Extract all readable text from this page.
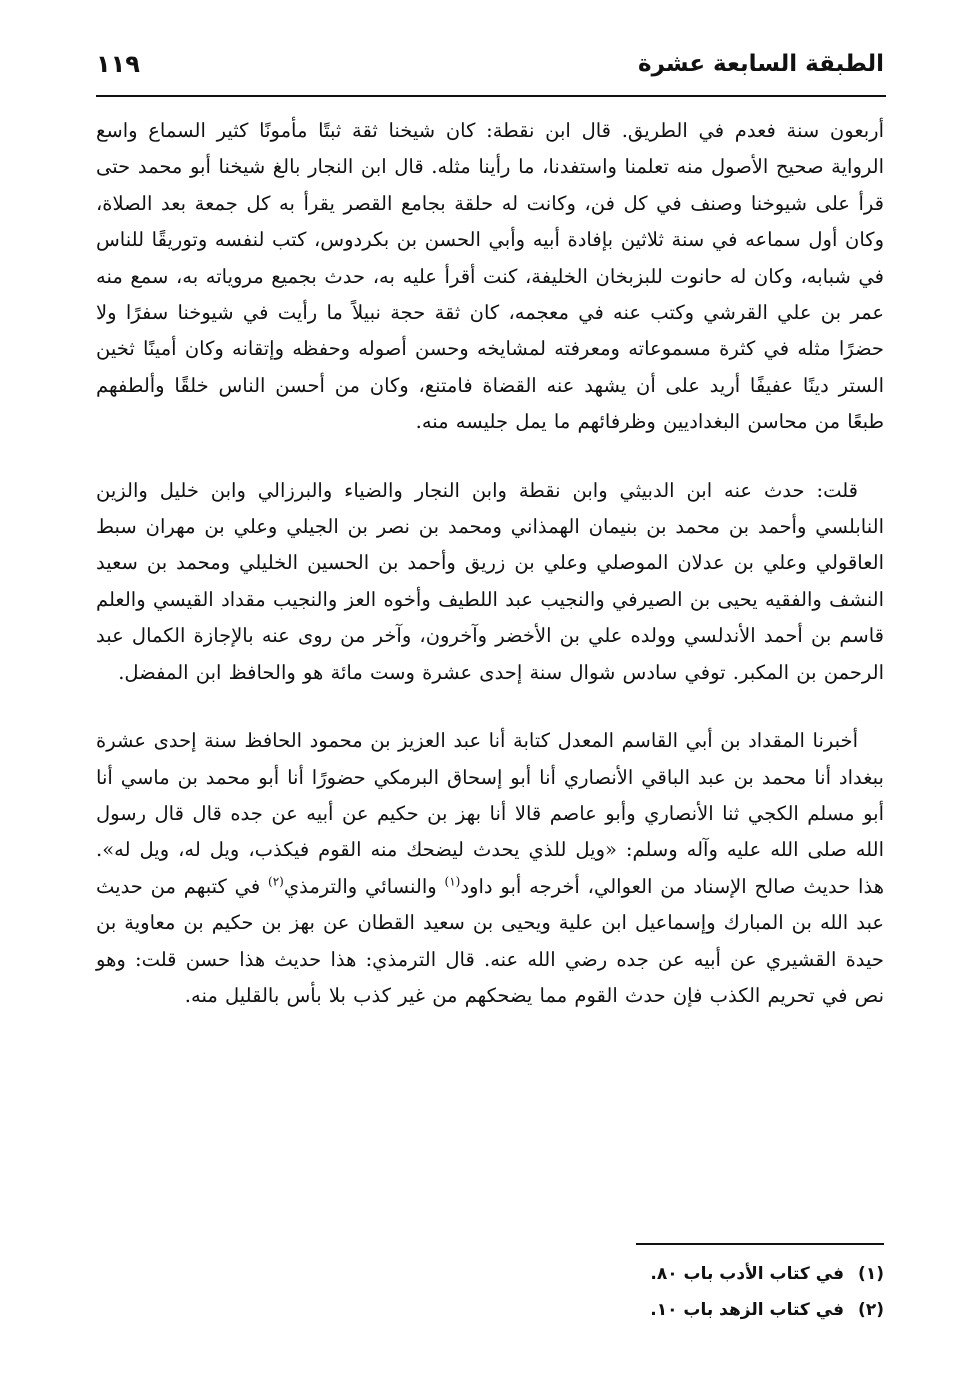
الطبقة السابعة عشرة
١١٩

أربعون سنة فعدم في الطريق. قال ابن نقطة: كان شيخنا ثقة ثبتًا مأمونًا كثير السماع واسع الرواية صحيح الأصول منه تعلمنا واستفدنا، ما رأينا مثله. قال ابن النجار بالغ شيخنا أبو محمد حتى قرأ على شيوخنا وصنف في كل فن، وكانت له حلقة بجامع القصر يقرأ به كل جمعة بعد الصلاة، وكان أول سماعه في سنة ثلاثين بإفادة أبيه وأبي الحسن بن بكردوس، كتب لنفسه وتوريقًا للناس في شبابه، وكان له حانوت للبزبخان الخليفة، كنت أقرأ عليه به، حدث بجميع مروياته به، سمع منه عمر بن علي القرشي وكتب عنه في معجمه، كان ثقة حجة نبيلاً ما رأيت في شيوخنا سفرًا ولا حضرًا مثله في كثرة مسموعاته ومعرفته لمشايخه وحسن أصوله وحفظه وإتقانه وكان أمينًا ثخين الستر دينًا عفيفًا أريد على أن يشهد عنه القضاة فامتنع، وكان من أحسن الناس خلقًا وألطفهم طبعًا من محاسن البغداديين وظرفائهم ما يمل جليسه منه.

قلت: حدث عنه ابن الدبيثي وابن نقطة وابن النجار والضياء والبرزالي وابن خليل والزين النابلسي وأحمد بن محمد بن بنيمان الهمذاني ومحمد بن نصر بن الجيلي وعلي بن مهران سبط العاقولي وعلي بن عدلان الموصلي وعلي بن زريق وأحمد بن الحسين الخليلي ومحمد بن سعيد النشف والفقيه يحيى بن الصيرفي والنجيب عبد اللطيف وأخوه العز والنجيب مقداد القيسي والعلم قاسم بن أحمد الأندلسي وولده علي بن الأخضر وآخرون، وآخر من روى عنه بالإجازة الكمال عبد الرحمن بن المكبر. توفي سادس شوال سنة إحدى عشرة وست مائة هو والحافظ ابن المفضل.

أخبرنا المقداد بن أبي القاسم المعدل كتابة أنا عبد العزيز بن محمود الحافظ سنة إحدى عشرة ببغداد أنا محمد بن عبد الباقي الأنصاري أنا أبو إسحاق البرمكي حضورًا أنا أبو محمد بن ماسي أنا أبو مسلم الكجي ثنا الأنصاري وأبو عاصم قالا أنا بهز بن حكيم عن أبيه عن جده قال قال رسول الله صلى الله عليه وآله وسلم: «ويل للذي يحدث ليضحك منه القوم فيكذب، ويل له، ويل له». هذا حديث صالح الإسناد من العوالي، أخرجه أبو داود$^{(١)}$ والنسائي والترمذي$^{(٢)}$ في كتبهم من حديث عبد الله بن المبارك وإسماعيل ابن علية ويحيى بن سعيد القطان عن بهز بن حكيم بن معاوية بن حيدة القشيري عن أبيه عن جده رضي الله عنه. قال الترمذي: هذا حديث هذا حسن قلت: وهو نص في تحريم الكذب فإن حدث القوم مما يضحكهم من غير كذب بلا بأس بالقليل منه.

(١)
في كتاب الأدب باب ٨٠.
(٢)
في كتاب الزهد باب ١٠.
